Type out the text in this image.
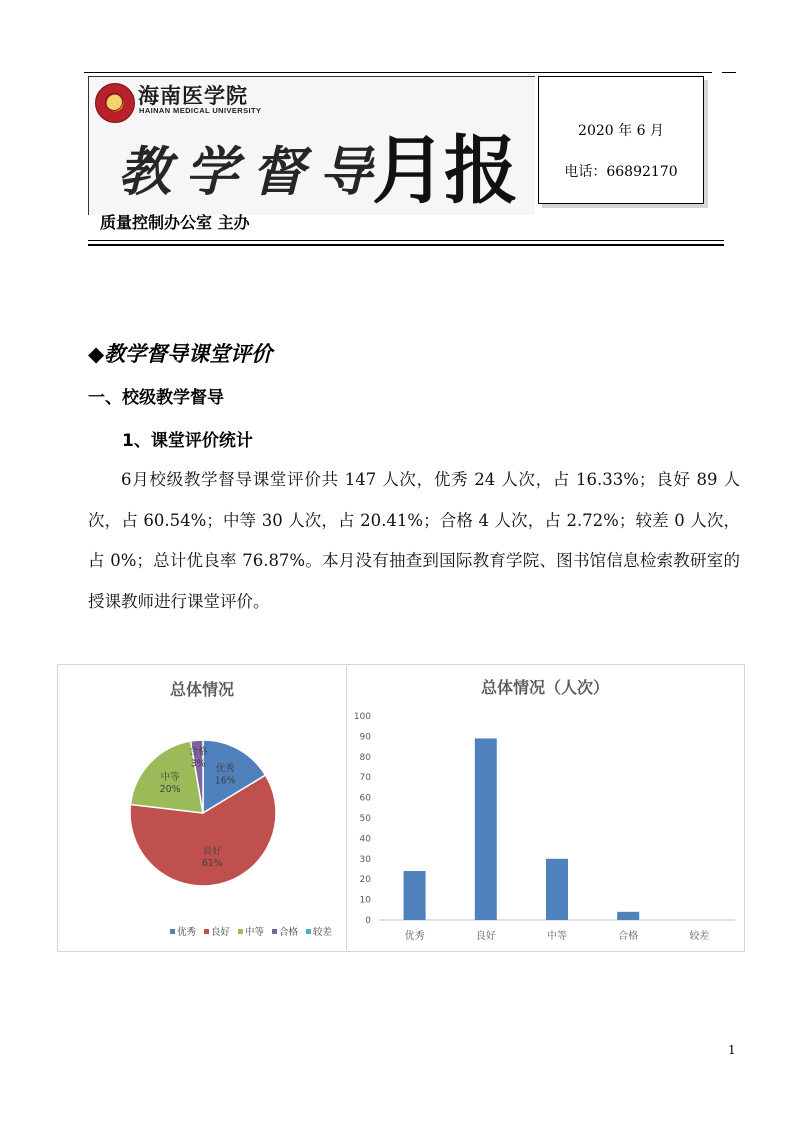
海南医学院
HAINAN MEDICAL UNIVERSITY
教学督导
月报
质量控制办公室 主办
2020 年 6 月
电话：66892170
◆教学督导课堂评价
一、校级教学督导
1、课堂评价统计
6月校级教学督导课堂评价共 147 人次，优秀 24 人次，占 16.33%；良好 89 人次，占 60.54%；中等 30 人次，占 20.41%；合格 4 人次，占 2.72%；较差 0 人次，占 0%；总计优良率 76.87%。本月没有抽查到国际教育学院、图书馆信息检索教研室的授课教师进行课堂评价。
总体情况
优秀
16%
良好
61%
中等
20%
合格
3%
优秀 良好 中等 合格 较差
总体情况（人次）
0
10
20
30
40
50
60
70
80
90
100
优秀	良好	中等	合格	较差
1
